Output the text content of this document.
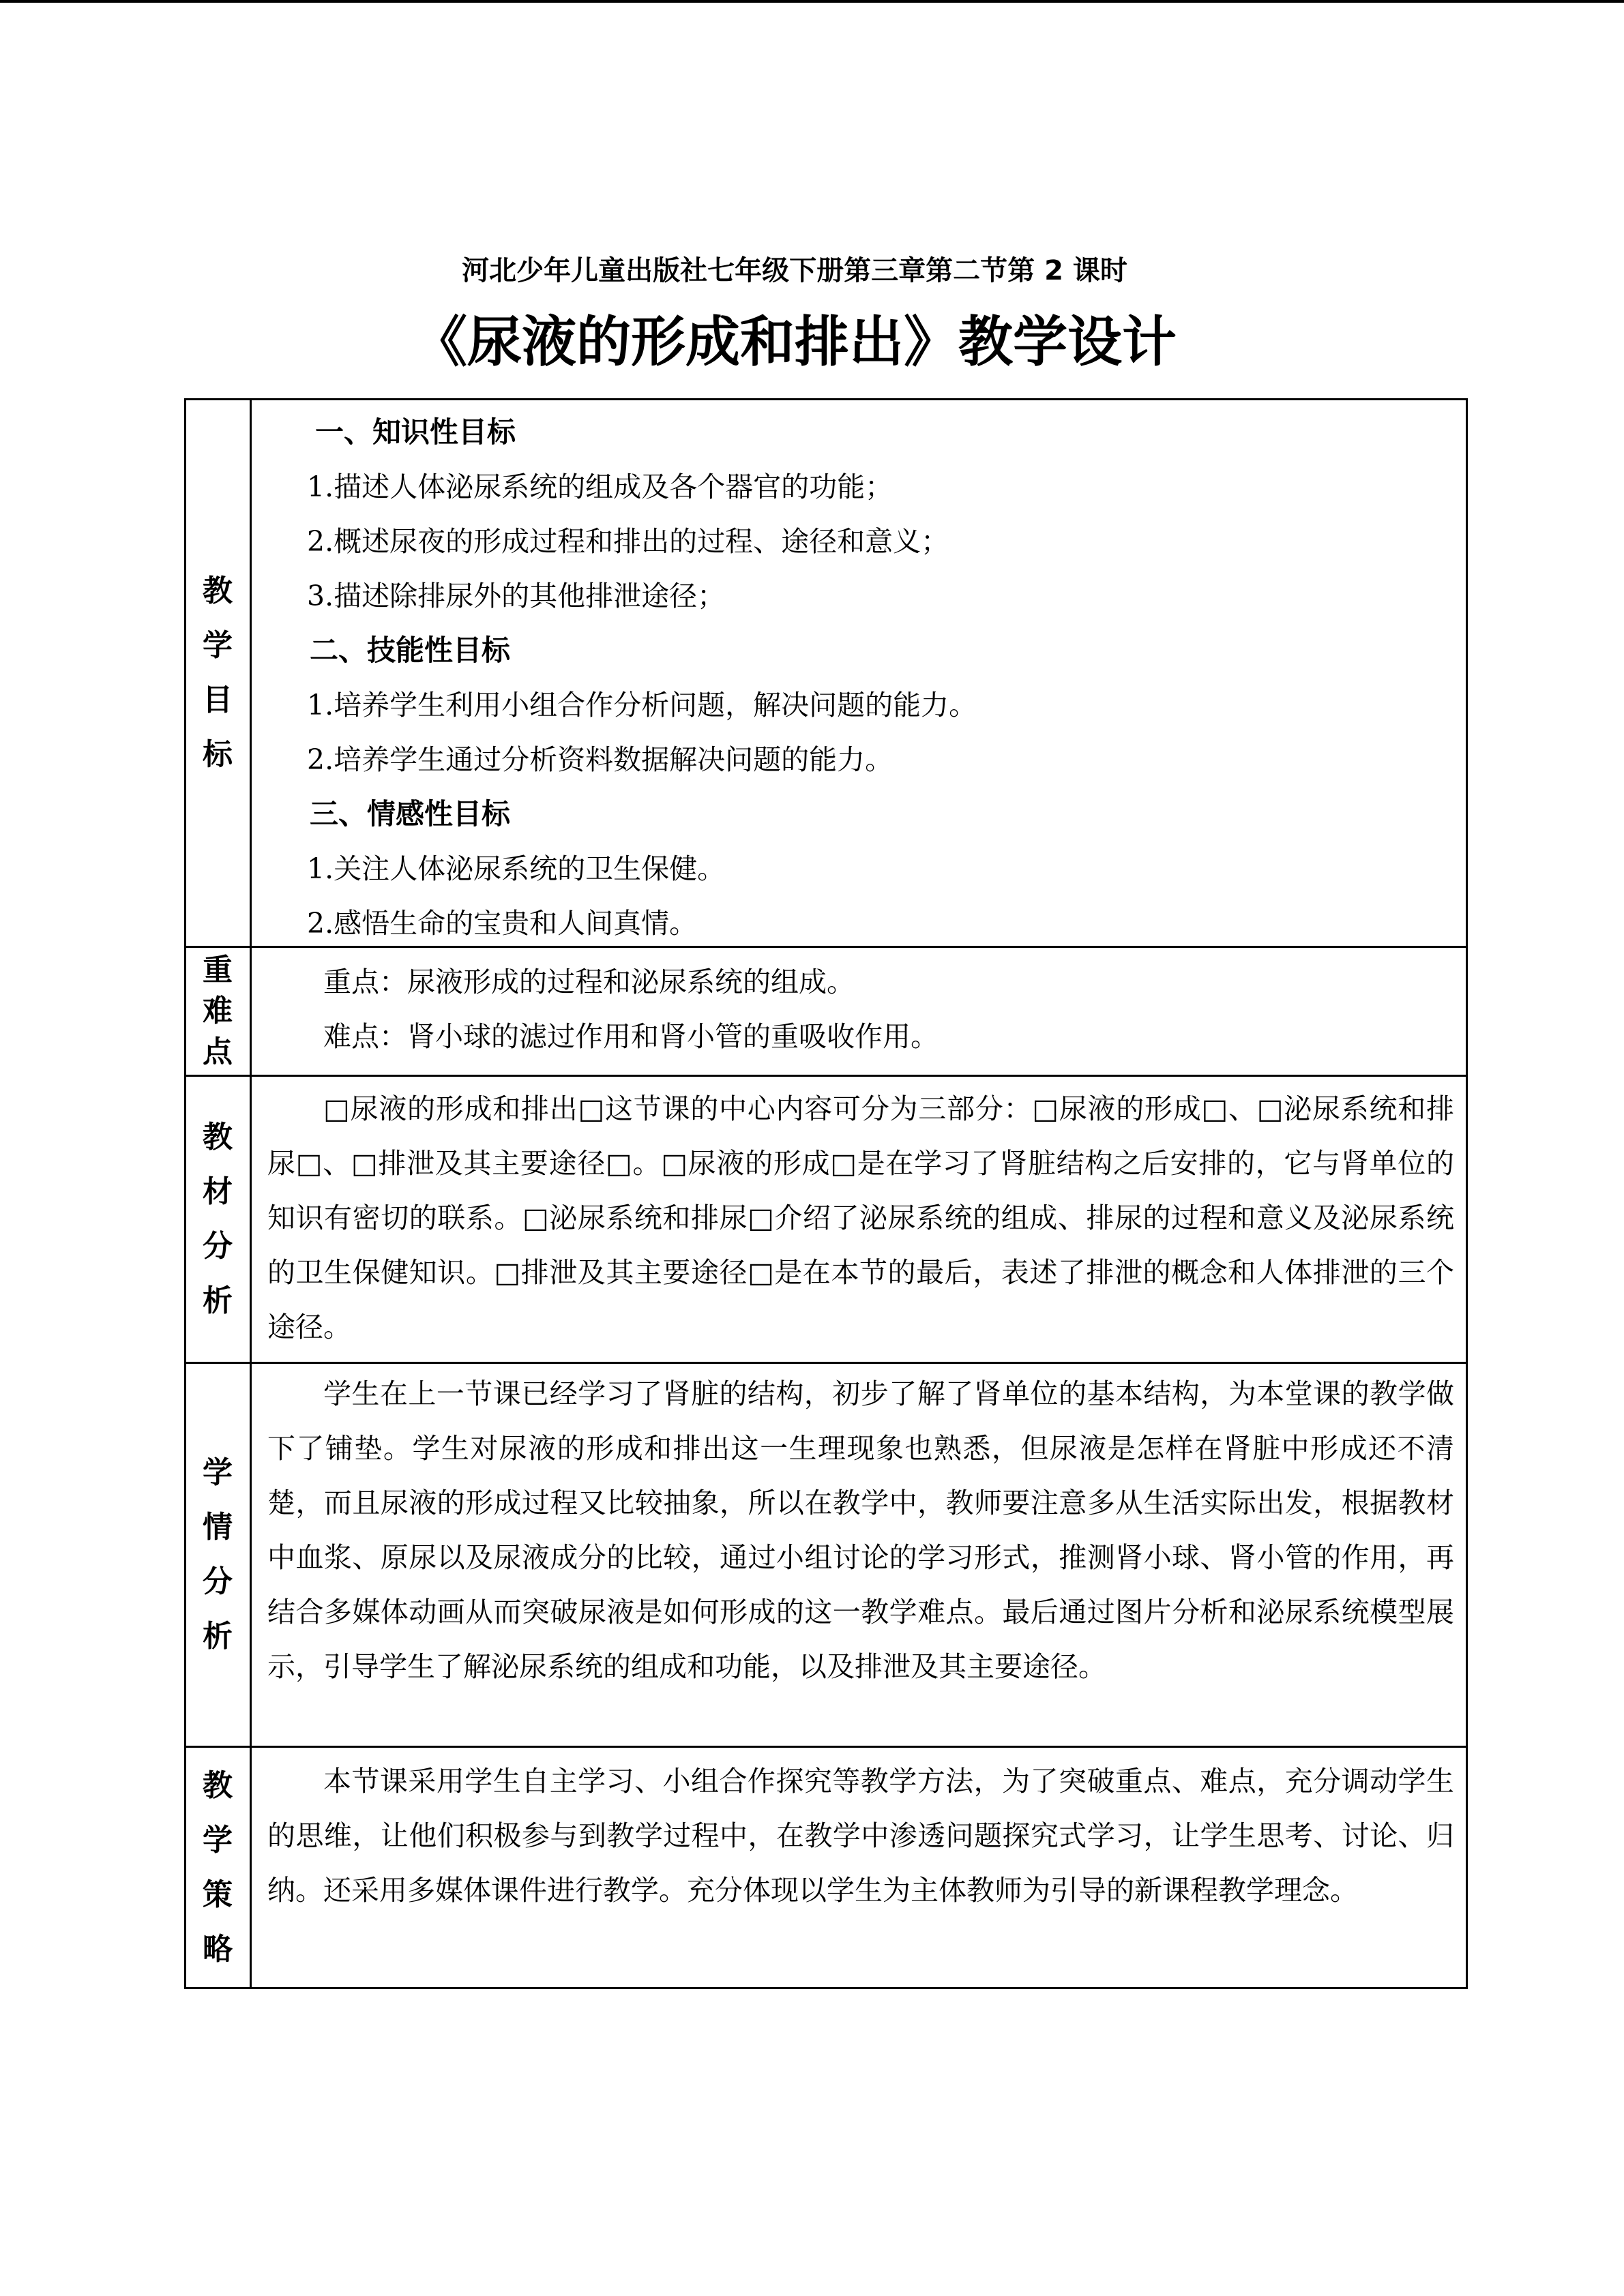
河北少年儿童出版社七年级下册第三章第二节第 2 课时
《尿液的形成和排出》教学设计
教
学
目
标
一、知识性目标
1.描述人体泌尿系统的组成及各个器官的功能；
2.概述尿夜的形成过程和排出的过程、途径和意义；
3.描述除排尿外的其他排泄途径；
二、技能性目标
1.培养学生利用小组合作分析问题，解决问题的能力。
2.培养学生通过分析资料数据解决问题的能力。
三、情感性目标
1.关注人体泌尿系统的卫生保健。
2.感悟生命的宝贵和人间真情。
重
难
点
重点：尿液形成的过程和泌尿系统的组成。
难点：肾小球的滤过作用和肾小管的重吸收作用。
教
材
分
析

□尿液的形成和排出□这节课的中心内容可分为三部分：□尿液的形成□、□泌尿系统和排尿□、□排泄及其主要途径□。□尿液的形成□是在学习了肾脏结构之后安排的，它与肾单位的知识有密切的联系。□泌尿系统和排尿□介绍了泌尿系统的组成、排尿的过程和意义及泌尿系统的卫生保健知识。□排泄及其主要途径□是在本节的最后，表述了排泄的概念和人体排泄的三个途径。

学
情
分
析

学生在上一节课已经学习了肾脏的结构，初步了解了肾单位的基本结构，为本堂课的教学做下了铺垫。学生对尿液的形成和排出这一生理现象也熟悉，但尿液是怎样在肾脏中形成还不清楚，而且尿液的形成过程又比较抽象，所以在教学中，教师要注意多从生活实际出发，根据教材中血浆、原尿以及尿液成分的比较，通过小组讨论的学习形式，推测肾小球、肾小管的作用，再结合多媒体动画从而突破尿液是如何形成的这一教学难点。最后通过图片分析和泌尿系统模型展示，引导学生了解泌尿系统的组成和功能，以及排泄及其主要途径。

教
学
策
略

本节课采用学生自主学习、小组合作探究等教学方法，为了突破重点、难点，充分调动学生的思维，让他们积极参与到教学过程中，在教学中渗透问题探究式学习，让学生思考、讨论、归纳。还采用多媒体课件进行教学。充分体现以学生为主体教师为引导的新课程教学理念。
